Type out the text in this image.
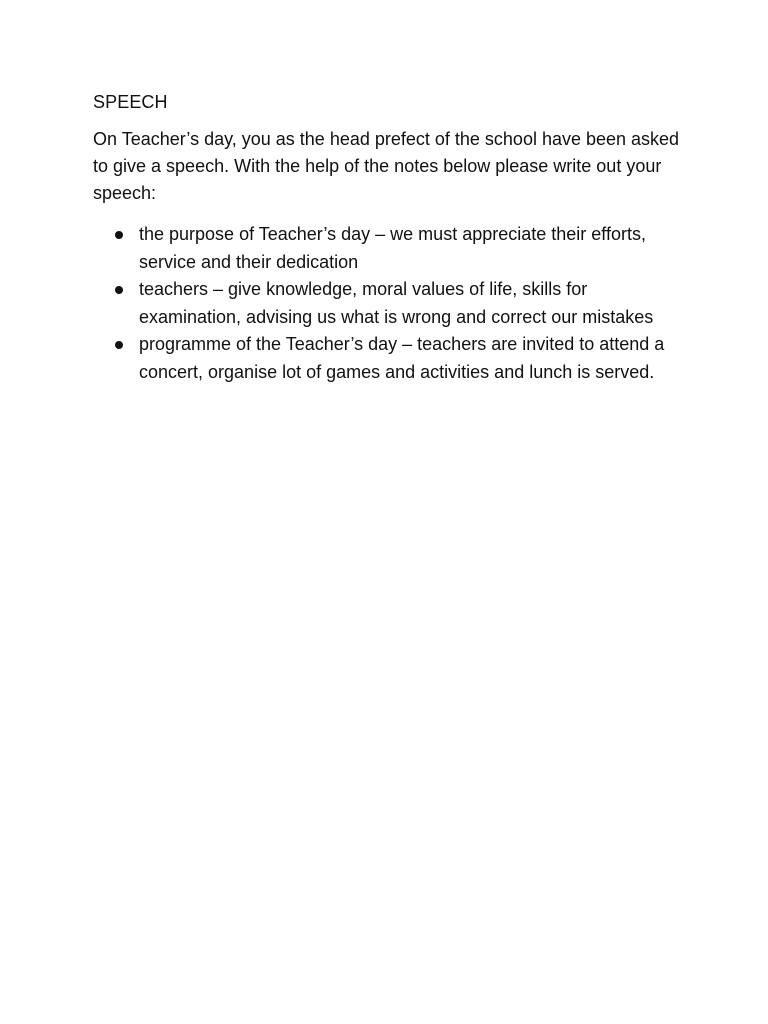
SPEECH

On Teacher’s day, you as the head prefect of the school have been asked to give a speech. With the help of the notes below please write out your speech:

the purpose of Teacher’s day – we must appreciate their efforts, service and their dedication
teachers – give knowledge, moral values of life, skills for examination, advising us what is wrong and correct our mistakes
programme of the Teacher’s day – teachers are invited to attend a concert, organise lot of games and activities and lunch is served.
